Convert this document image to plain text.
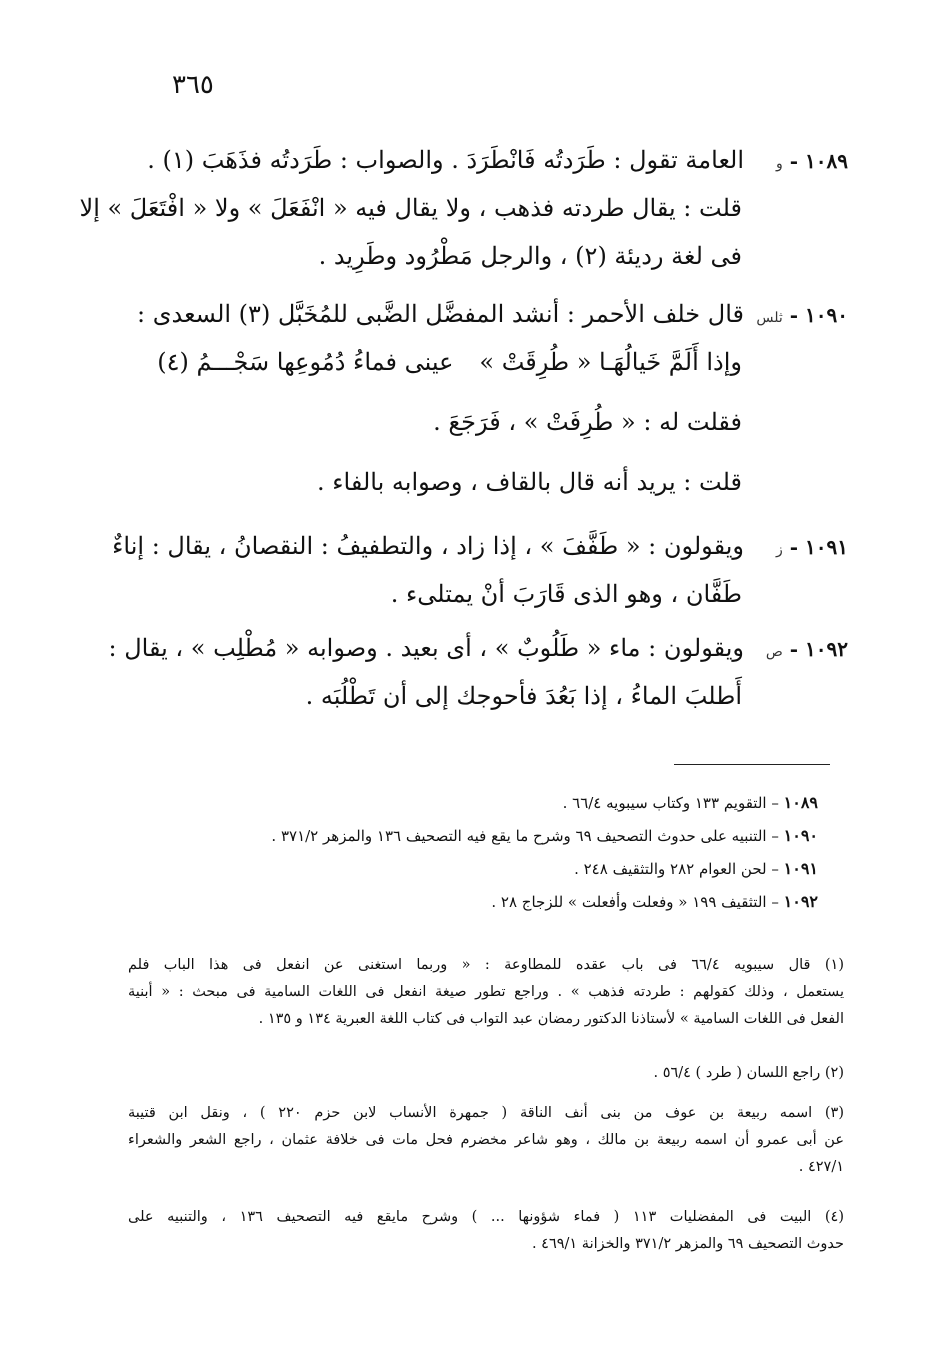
٣٦٥
١٠٨٩ - والعامة تقول : طَرَدتُه فَانْطَرَدَ . والصواب : طَرَدتُه فذَهَبَ (١) .
قلت : يقال طردته فذهب ، ولا يقال فيه « انْفَعَلَ » ولا « افْتَعَلَ » إلا
فى لغة رديئة (٢) ، والرجل مَطْرُود وطَرِيد .
١٠٩٠ - ثلسقال خلف الأحمر : أنشد المفضَّل الضَّبى للمُخَبَّل (٣) السعدى :
وإذا أَلَمَّ خَيالُهَـا « طُرِقَتْ »
عينى فماءُ دُمُوعِها سَجْـــمُ (٤)
فقلت له : « طُرِفَتْ » ، فَرَجَعَ .
قلت : يريد أنه قال بالقاف ، وصوابه بالفاء .
١٠٩١ - زويقولون : « طَفَّفَ » ، إذا زاد ، والتطفيفُ : النقصانُ ، يقال : إناءٌ
طَفَّان ، وهو الذى قَارَبَ أنْ يمتلىء .
١٠٩٢ - صويقولون : ماء « طَلُوبٌ » ، أى بعيد . وصوابه « مُطْلِب » ، يقال :
أَطلبَ الماءُ ، إذا بَعُدَ فأحوجك إلى أن تَطْلُبَه .
١٠٨٩ – التقويم ١٣٣ وكتاب سيبويه ٦٦/٤ .
١٠٩٠ – التنبيه على حدوث التصحيف ٦٩ وشرح ما يقع فيه التصحيف ١٣٦ والمزهر ٣٧١/٢ .
١٠٩١ – لحن العوام ٢٨٢ والتثقيف ٢٤٨ .
١٠٩٢ – التثقيف ١٩٩ « وفعلت وأفعلت » للزجاج ٢٨ .
(١) قال سيبويه ٦٦/٤ فى باب عقده للمطاوعة : « وربما استغنى عن انفعل فى هذا الباب فلم
يستعمل ، وذلك كقولهم : طردته فذهب » . وراجع تطور صيغة انفعل فى اللغات السامية فى مبحث : « أبنية
الفعل فى اللغات السامية » لأستاذنا الدكتور رمضان عبد التواب فى كتاب اللغة العبرية ١٣٤ و ١٣٥ .
(٢) راجع اللسان ( طرد ) ٥٦/٤ .
(٣) اسمه ربيعة بن عوف من بنى أنف الناقة ( جمهرة الأنساب لابن حزم ٢٢٠ ) ، ونقل ابن قتيبة
عن أبى عمرو أن اسمه ربيعة بن مالك ، وهو شاعر مخضرم فحل مات فى خلافة عثمان ، راجع الشعر والشعراء
٤٢٧/١ .
(٤) البيت فى المفضليات ١١٣ ( فماء شؤونها ... ) وشرح مايقع فيه التصحيف ١٣٦ ، والتنبيه على
حدوث التصحيف ٦٩ والمزهر ٣٧١/٢ والخزانة ٤٦٩/١ .
